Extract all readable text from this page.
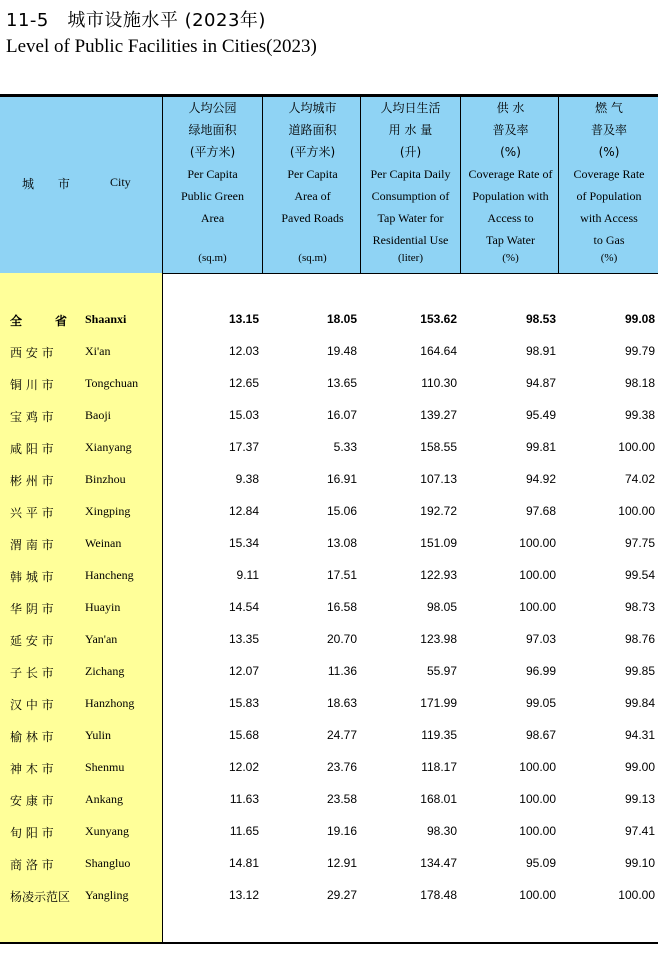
11-5　城市设施水平 (2023年)
Level of Public Facilities in Cities(2023)
城 市	City
人均公园
绿地面积
(平方米)
Per Capita
Public Green
Area
(sq.m)
人均城市
道路面积
(平方米)
Per Capita
Area of
Paved Roads
(sq.m)
人均日生活
用 水 量
(升)
Per Capita Daily
Consumption of
Tap Water for
Residential Use
(liter)
供 水
普及率
(%)
Coverage Rate of
Population with
Access to
Tap Water
(%)
燃 气
普及率
(%)
Coverage Rate
of Population
with Access
to Gas
(%)
全　　省	Shaanxi	13.15	18.05	153.62	98.53	99.08
西 安 市	Xi'an	12.03	19.48	164.64	98.91	99.79
铜 川 市	Tongchuan	12.65	13.65	110.30	94.87	98.18
宝 鸡 市	Baoji	15.03	16.07	139.27	95.49	99.38
咸 阳 市	Xianyang	17.37	5.33	158.55	99.81	100.00
彬 州 市	Binzhou	9.38	16.91	107.13	94.92	74.02
兴 平 市	Xingping	12.84	15.06	192.72	97.68	100.00
渭 南 市	Weinan	15.34	13.08	151.09	100.00	97.75
韩 城 市	Hancheng	9.11	17.51	122.93	100.00	99.54
华 阴 市	Huayin	14.54	16.58	98.05	100.00	98.73
延 安 市	Yan'an	13.35	20.70	123.98	97.03	98.76
子 长 市	Zichang	12.07	11.36	55.97	96.99	99.85
汉 中 市	Hanzhong	15.83	18.63	171.99	99.05	99.84
榆 林 市	Yulin	15.68	24.77	119.35	98.67	94.31
神 木 市	Shenmu	12.02	23.76	118.17	100.00	99.00
安 康 市	Ankang	11.63	23.58	168.01	100.00	99.13
旬 阳 市	Xunyang	11.65	19.16	98.30	100.00	97.41
商 洛 市	Shangluo	14.81	12.91	134.47	95.09	99.10
杨凌示范区	Yangling	13.12	29.27	178.48	100.00	100.00
